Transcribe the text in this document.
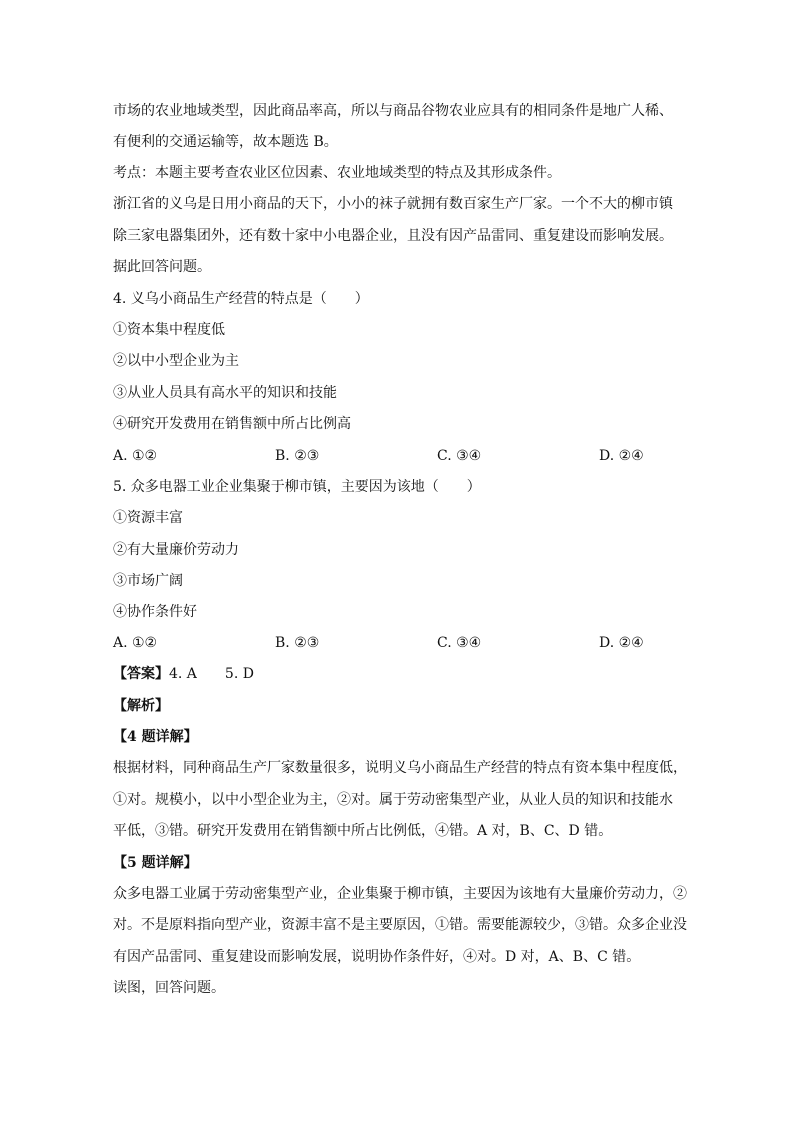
市场的农业地域类型，因此商品率高，所以与商品谷物农业应具有的相同条件是地广人稀、
有便利的交通运输等，故本题选 B。
考点：本题主要考查农业区位因素、农业地域类型的特点及其形成条件。
浙江省的义乌是日用小商品的天下，小小的袜子就拥有数百家生产厂家。一个不大的柳市镇
除三家电器集团外，还有数十家中小电器企业，且没有因产品雷同、重复建设而影响发展。
据此回答问题。
4. 义乌小商品生产经营的特点是（　　）
①资本集中程度低
②以中小型企业为主
③从业人员具有高水平的知识和技能
④研究开发费用在销售额中所占比例高
A. ①②	B. ②③	C. ③④	D. ②④
5. 众多电器工业企业集聚于柳市镇，主要因为该地（　　）
①资源丰富
②有大量廉价劳动力
③市场广阔
④协作条件好
A. ①②	B. ②③	C. ③④	D. ②④
【答案】4. A　　5. D
【解析】
【4 题详解】
根据材料，同种商品生产厂家数量很多，说明义乌小商品生产经营的特点有资本集中程度低，
①对。规模小，以中小型企业为主，②对。属于劳动密集型产业，从业人员的知识和技能水
平低，③错。研究开发费用在销售额中所占比例低，④错。A 对，B、C、D 错。
【5 题详解】
众多电器工业属于劳动密集型产业，企业集聚于柳市镇，主要因为该地有大量廉价劳动力，②
对。不是原料指向型产业，资源丰富不是主要原因，①错。需要能源较少，③错。众多企业没
有因产品雷同、重复建设而影响发展，说明协作条件好，④对。D 对，A、B、C 错。
读图，回答问题。
